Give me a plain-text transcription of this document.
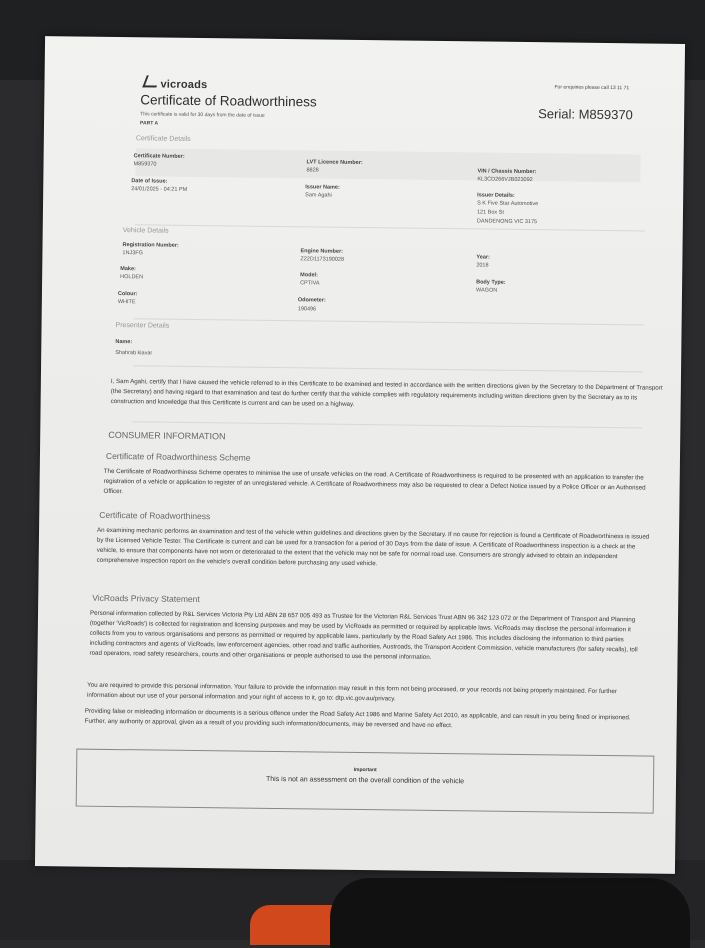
vicroads	For enquiries please call 13 11 71
Certificate of Roadworthiness
Serial: M859370
This certificate is valid for 30 days from the date of issue
PART A
Certificate Details
Certificate Number:
M859370	LVT Licence Number:
8828	VIN / Chassis Number:
KL3CD266VJB023092
Date of Issue:
24/01/2025 - 04:21 PM	Issuer Name:
Sam Agahi	Issuer Details:
S K Five Star Automotive
121 Box St
DANDENONG VIC 3175
Vehicle Details
Registration Number:
1NJ3FG	Engine Number:
Z22D1173190028	Year:
2018
Make:
HOLDEN	Model:
CPTIVA	Body Type:
WAGON
Colour:
WHITE	Odometer:
190496
Presenter Details
Name:
Shahrab kiavar
I, Sam Agahi, certify that I have caused the vehicle referred to in this Certificate to be examined and tested in accordance with the written directions given by the Secretary to the Department of Transport (the Secretary) and having regard to that examination and test do further certify that the vehicle complies with regulatory requirements including written directions given by the Secretary as to its construction and knowledge that this Certificate is current and can be used on a highway.
CONSUMER INFORMATION
Certificate of Roadworthiness Scheme
The Certificate of Roadworthiness Scheme operates to minimise the use of unsafe vehicles on the road. A Certificate of Roadworthiness is required to be presented with an application to transfer the registration of a vehicle or application to register of an unregistered vehicle. A Certificate of Roadworthiness may also be requested to clear a Defect Notice issued by a Police Officer or an Authorised Officer.
Certificate of Roadworthiness
An examining mechanic performs an examination and test of the vehicle within guidelines and directions given by the Secretary. If no cause for rejection is found a Certificate of Roadworthiness is issued by the Licensed Vehicle Tester. The Certificate is current and can be used for a transaction for a period of 30 Days from the date of issue. A Certificate of Roadworthiness inspection is a check at the vehicle, to ensure that components have not worn or deteriorated to the extent that the vehicle may not be safe for normal road use. Consumers are strongly advised to obtain an independent comprehensive inspection report on the vehicle's overall condition before purchasing any used vehicle.
VicRoads Privacy Statement
Personal information collected by R&L Services Victoria Pty Ltd ABN 28 657 005 493 as Trustee for the Victorian R&L Services Trust ABN 96 342 123 072 or the Department of Transport and Planning (together 'VicRoads') is collected for registration and licensing purposes and may be used by VicRoads as permitted or required by applicable laws. VicRoads may disclose the personal information it collects from you to various organisations and persons as permitted or required by applicable laws, particularly by the Road Safety Act 1986. This includes disclosing the information to third parties including contractors and agents of VicRoads, law enforcement agencies, other road and traffic authorities, Austroads, the Transport Accident Commission, vehicle manufacturers (for safety recalls), toll road operators, road safety researchers, courts and other organisations or people authorised to use the personal information.
You are required to provide this personal information. Your failure to provide the information may result in this form not being processed, or your records not being properly maintained. For further information about our use of your personal information and your right of access to it, go to: dtp.vic.gov.au/privacy.
Providing false or misleading information or documents is a serious offence under the Road Safety Act 1986 and Marine Safety Act 2010, as applicable, and can result in you being fined or imprisoned. Further, any authority or approval, given as a result of you providing such information/documents, may be reversed and have no effect.
Important
This is not an assessment on the overall condition of the vehicle
